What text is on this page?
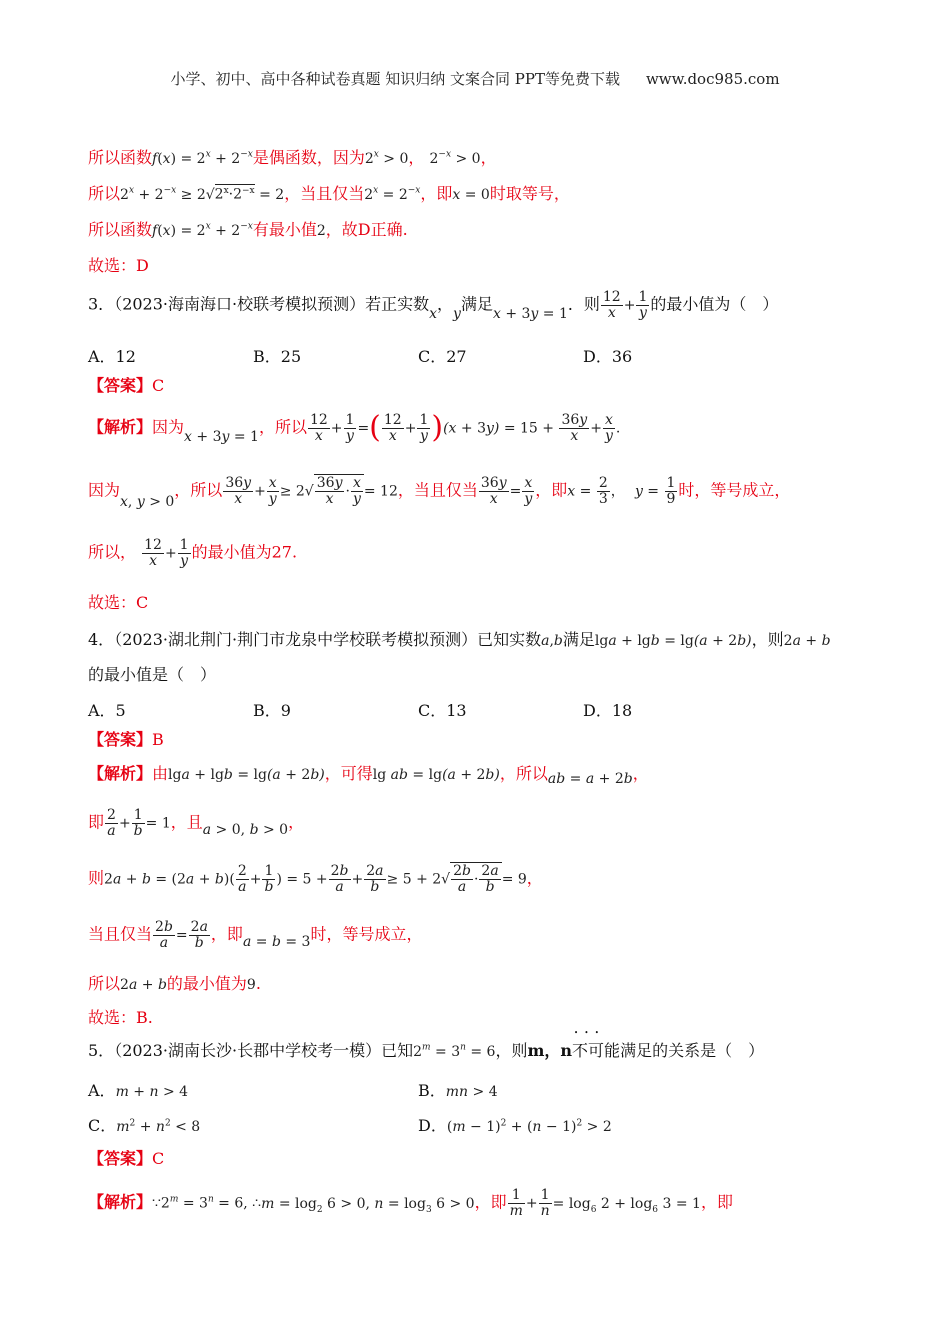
小学、初中、高中各种试卷真题 知识归纳 文案合同 PPT等免费下载 www.doc985.com
所以函数$f(x) = 2^x + 2^{-x}$是偶函数，因为$2^x > 0$， $2^{-x} > 0$，
所以$2^x + 2^{-x} \ge 2√2^x\cdot 2^{-x} = 2$，当且仅当$2^x = 2^{-x}$，即x = 0时取等号，
所以函数$f(x) = 2^x + 2^{-x}$有最小值2，故D正确.
故选：D
3．（2023·海南海口·校联考模拟预测）若正实数x，y满足x + 3y = 1．则 $\frac{12}{x} + \frac{1}{y}$ 的最小值为（　）
A．12	B．25	C．27	D．36
【答案】C
【解析】因为x + 3y = 1，所以 $\frac{12}{x} + \frac{1}{y}$ =( $\frac{12}{x} + \frac{1}{y} )(x + 3y) = 15 + \frac{36y}{x} + \frac{x}{y}$ .
因为x, y > 0，所以 $\frac{36y}{x} + \frac{x}{y} \ge 2√ \frac{36y}{x} \cdot \frac{x}{y} = 12$，当且仅当 $\frac{36y}{x} = \frac{x}{y}$ ，即$x = \frac{2}{3}$ ， $y = \frac{1}{9}$ 时，等号成立，
所以， $\frac{12}{x} + \frac{1}{y}$ 的最小值为27.
故选：C
4．（2023·湖北荆门·荆门市龙泉中学校联考模拟预测）已知实数a,b满足lga + lgb = lg(a + 2b)，则2a + b
的最小值是（　）
A．5	B．9	C．13	D．18
【答案】B
【解析】由lga + lgb = lg(a + 2b)，可得lg ab = lg(a + 2b)，所以ab = a + 2b，
即 $\frac{2}{a} + \frac{1}{b} = 1$，且a > 0, b > 0，
则$2a + b = (2a + b)( \frac{2}{a} + \frac{1}{b}$ ) = $5 + \frac{2b}{a} + \frac{2a}{b} \ge 5 + 2√ \frac{2b}{a} \cdot \frac{2a}{b} = 9$，
当且仅当 $\frac{2b}{a} = \frac{2a}{b}$ ，即a = b = 3时，等号成立，
所以2a + b的最小值为9.
故选：B.
5．（2023·湖南长沙·长郡中学校考一模）已知$2^m = 3^n = 6$，则m，n• • • 不可能满足的关系是（　）
A．m + n > 4	B．mn > 4
C．$m^2 + n^2 < 8$	D．$(m - 1)^2 + (n - 1)^2 > 2$
【答案】C
【解析】$\because 2^m = 3^n = 6$, ∴m = $\log_2 6 > 0$, $n = \log_3 6 > 0$，即 $\frac{1}{m} + \frac{1}{n} = \log_6 2 + \log_6 3 = 1$，即
